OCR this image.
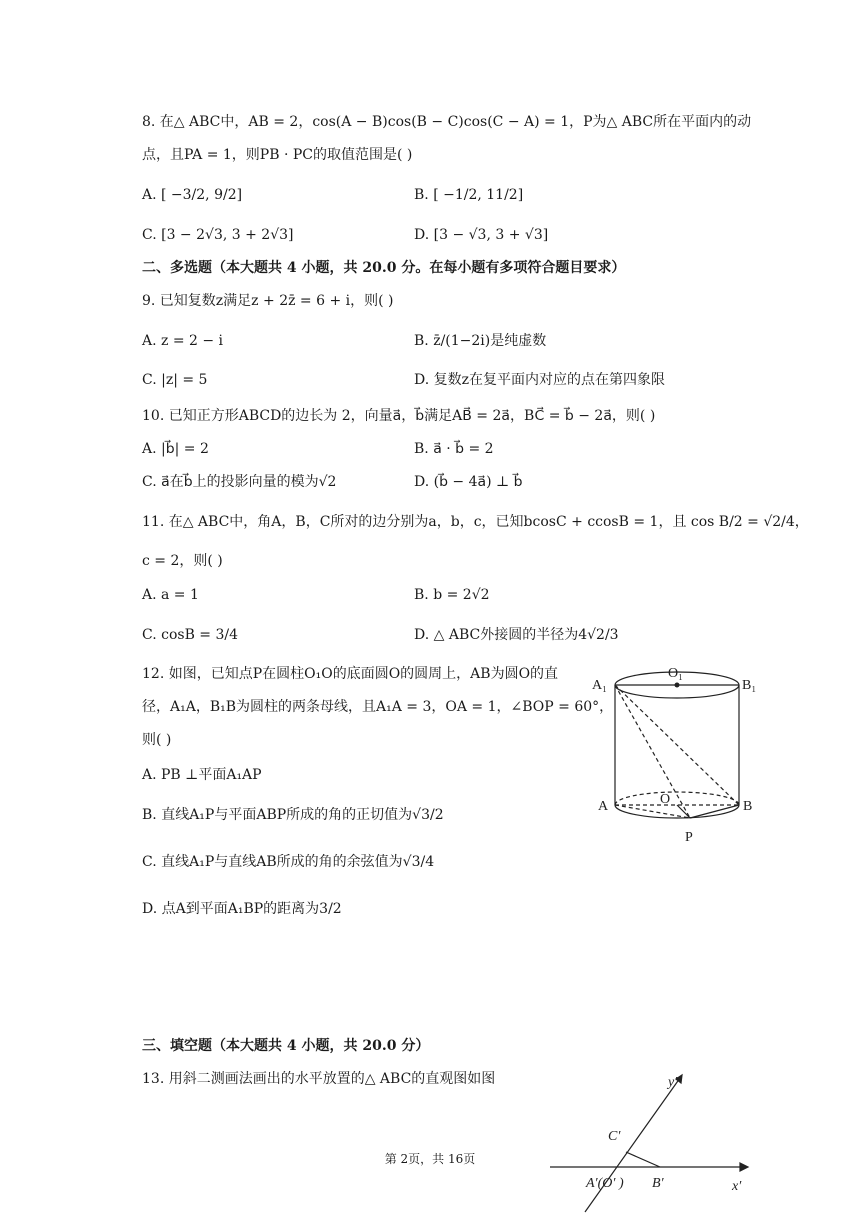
8. 在△ ABC中，AB = 2，cos(A − B)cos(B − C)cos(C − A) = 1，P为△ ABC所在平面内的动
点，且PA = 1，则PB · PC的取值范围是( )
A. [ −3/2, 9/2]	B. [ −1/2, 11/2]
C. [3 − 2√3, 3 + 2√3]	D. [3 − √3, 3 + √3]
二、多选题（本大题共 4 小题，共 20.0 分。在每小题有多项符合题目要求）
9. 已知复数z满足z + 2z̄ = 6 + i，则( )
A. z = 2 − i	B. z̄/(1−2i)是纯虚数
C. |z| = 5	D. 复数z在复平面内对应的点在第四象限
10. 已知正方形ABCD的边长为 2，向量a⃗，b⃗满足AB⃗ = 2a⃗，BC⃗ = b⃗ − 2a⃗，则( )
A. |b⃗| = 2	B. a⃗ · b⃗ = 2
C. a⃗在b⃗上的投影向量的模为√2	D. (b⃗ − 4a⃗) ⊥ b⃗
11. 在△ ABC中，角A，B，C所对的边分别为a，b，c，已知bcosC + ccosB = 1，且 cos B/2 = √2/4，
c = 2，则( )
A. a = 1	B. b = 2√2
C. cosB = 3/4	D. △ ABC外接圆的半径为4√2/3
12. 如图，已知点P在圆柱O₁O的底面圆O的圆周上，AB为圆O的直
径，A₁A，B₁B为圆柱的两条母线，且A₁A = 3，OA = 1，∠BOP = 60°，
则( )
A. PB ⊥平面A₁AP
B. 直线A₁P与平面ABP所成的角的正切值为√3/2
C. 直线A₁P与直线AB所成的角的余弦值为√3/4
D. 点A到平面A₁BP的距离为3/2
O₁
A₁	B₁
A	B
O
P
三、填空题（本大题共 4 小题，共 20.0 分）
13. 用斜二测画法画出的水平放置的△ ABC的直观图如图	y′
x′
C′
A′(O′ ) B′
第 2页，共 16页
